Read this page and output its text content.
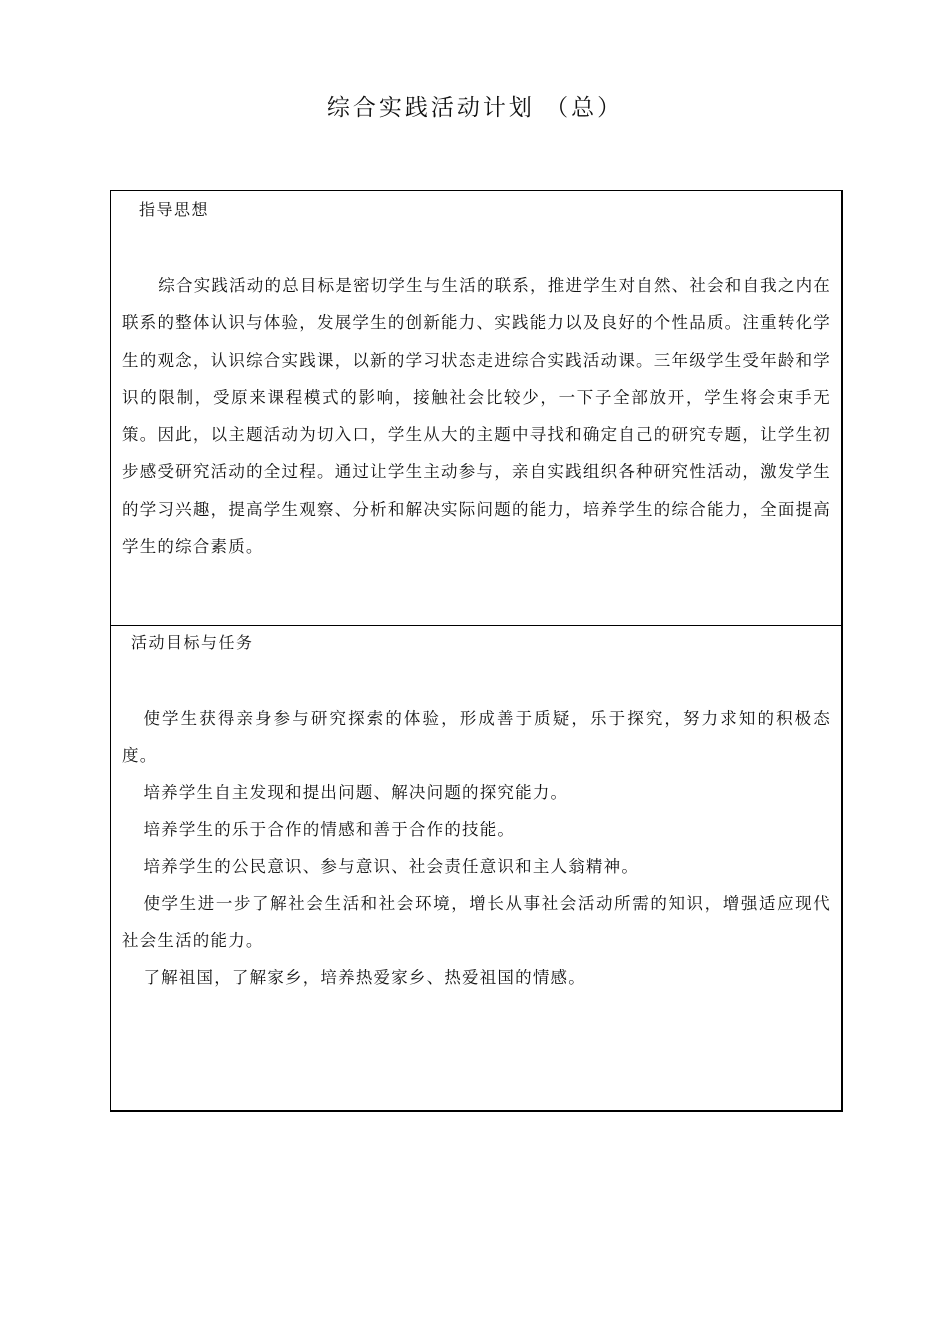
综合实践活动计划 （总）
指导思想

综合实践活动的总目标是密切学生与生活的联系，推进学生对自然、社会和自我之内在联系的整体认识与体验，发展学生的创新能力、实践能力以及良好的个性品质。注重转化学生的观念，认识综合实践课，以新的学习状态走进综合实践活动课。三年级学生受年龄和学识的限制，受原来课程模式的影响，接触社会比较少，一下子全部放开，学生将会束手无策。因此，以主题活动为切入口，学生从大的主题中寻找和确定自己的研究专题，让学生初步感受研究活动的全过程。通过让学生主动参与，亲自实践组织各种研究性活动，激发学生的学习兴趣，提高学生观察、分析和解决实际问题的能力，培养学生的综合能力，全面提高学生的综合素质。

活动目标与任务
使学生获得亲身参与研究探索的体验，形成善于质疑，乐于探究，努力求知的积极态度。
培养学生自主发现和提出问题、解决问题的探究能力。
培养学生的乐于合作的情感和善于合作的技能。
培养学生的公民意识、参与意识、社会责任意识和主人翁精神。
使学生进一步了解社会生活和社会环境，增长从事社会活动所需的知识，增强适应现代社会生活的能力。
了解祖国，了解家乡，培养热爱家乡、热爱祖国的情感。
